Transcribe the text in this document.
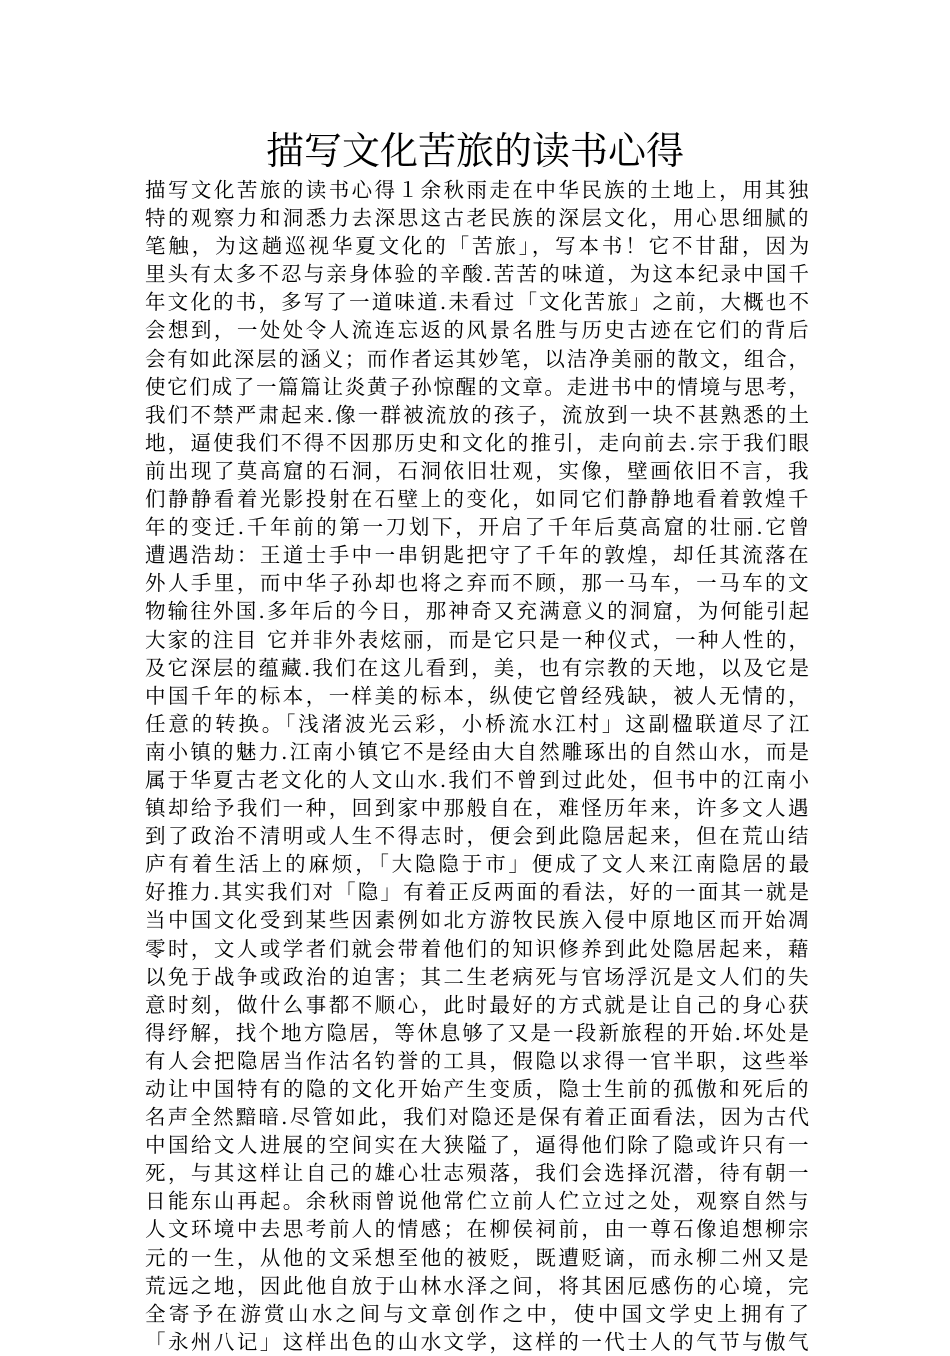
描写文化苦旅的读书心得
描写文化苦旅的读书心得１余秋雨走在中华民族的土地上，用其独
特的观察力和洞悉力去深思这古老民族的深层文化，用心思细腻的
笔触，为这趟巡视华夏文化的「苦旅」，写本书！它不甘甜，因为
里头有太多不忍与亲身体验的辛酸.苦苦的味道，为这本纪录中国千
年文化的书，多写了一道味道.未看过「文化苦旅」之前，大概也不
会想到，一处处令人流连忘返的风景名胜与历史古迹在它们的背后
会有如此深层的涵义；而作者运其妙笔，以洁净美丽的散文，组合，
使它们成了一篇篇让炎黄子孙惊醒的文章。走进书中的情境与思考，
我们不禁严肃起来.像一群被流放的孩子，流放到一块不甚熟悉的土
地，逼使我们不得不因那历史和文化的推引，走向前去.宗于我们眼
前出现了莫高窟的石洞，石洞依旧壮观，实像，壁画依旧不言，我
们静静看着光影投射在石壁上的变化，如同它们静静地看着敦煌千
年的变迁.千年前的第一刀划下，开启了千年后莫高窟的壮丽.它曾
遭遇浩劫：王道士手中一串钥匙把守了千年的敦煌，却任其流落在
外人手里，而中华子孙却也将之弃而不顾，那一马车，一马车的文
物输往外国.多年后的今日，那神奇又充满意义的洞窟，为何能引起
大家的注目 它并非外表炫丽，而是它只是一种仪式，一种人性的，
及它深层的蕴藏.我们在这儿看到，美，也有宗教的天地，以及它是
中国千年的标本，一样美的标本，纵使它曾经残缺，被人无情的，
任意的转换。「浅渚波光云彩，小桥流水江村」这副楹联道尽了江
南小镇的魅力.江南小镇它不是经由大自然雕琢出的自然山水，而是
属于华夏古老文化的人文山水.我们不曾到过此处，但书中的江南小
镇却给予我们一种，回到家中那般自在，难怪历年来，许多文人遇
到了政治不清明或人生不得志时，便会到此隐居起来，但在荒山结
庐有着生活上的麻烦，「大隐隐于市」便成了文人来江南隐居的最
好推力.其实我们对「隐」有着正反两面的看法，好的一面其一就是
当中国文化受到某些因素例如北方游牧民族入侵中原地区而开始凋
零时，文人或学者们就会带着他们的知识修养到此处隐居起来，藉
以免于战争或政治的迫害；其二生老病死与官场浮沉是文人们的失
意时刻，做什么事都不顺心，此时最好的方式就是让自己的身心获
得纾解，找个地方隐居，等休息够了又是一段新旅程的开始.坏处是
有人会把隐居当作沽名钓誉的工具，假隐以求得一官半职，这些举
动让中国特有的隐的文化开始产生变质，隐士生前的孤傲和死后的
名声全然黯暗.尽管如此，我们对隐还是保有着正面看法，因为古代
中国给文人进展的空间实在大狭隘了，逼得他们除了隐或许只有一
死，与其这样让自己的雄心壮志殒落，我们会选择沉潜，待有朝一
日能东山再起。余秋雨曾说他常伫立前人伫立过之处，观察自然与
人文环境中去思考前人的情感；在柳侯祠前，由一尊石像追想柳宗
元的一生，从他的文采想至他的被贬，既遭贬谪，而永柳二州又是
荒远之地，因此他自放于山林水泽之间，将其困厄感伤的心境，完
全寄予在游赏山水之间与文章创作之中，使中国文学史上拥有了
「永州八记」这样出色的山水文学，这样的一代士人的气节与傲气
